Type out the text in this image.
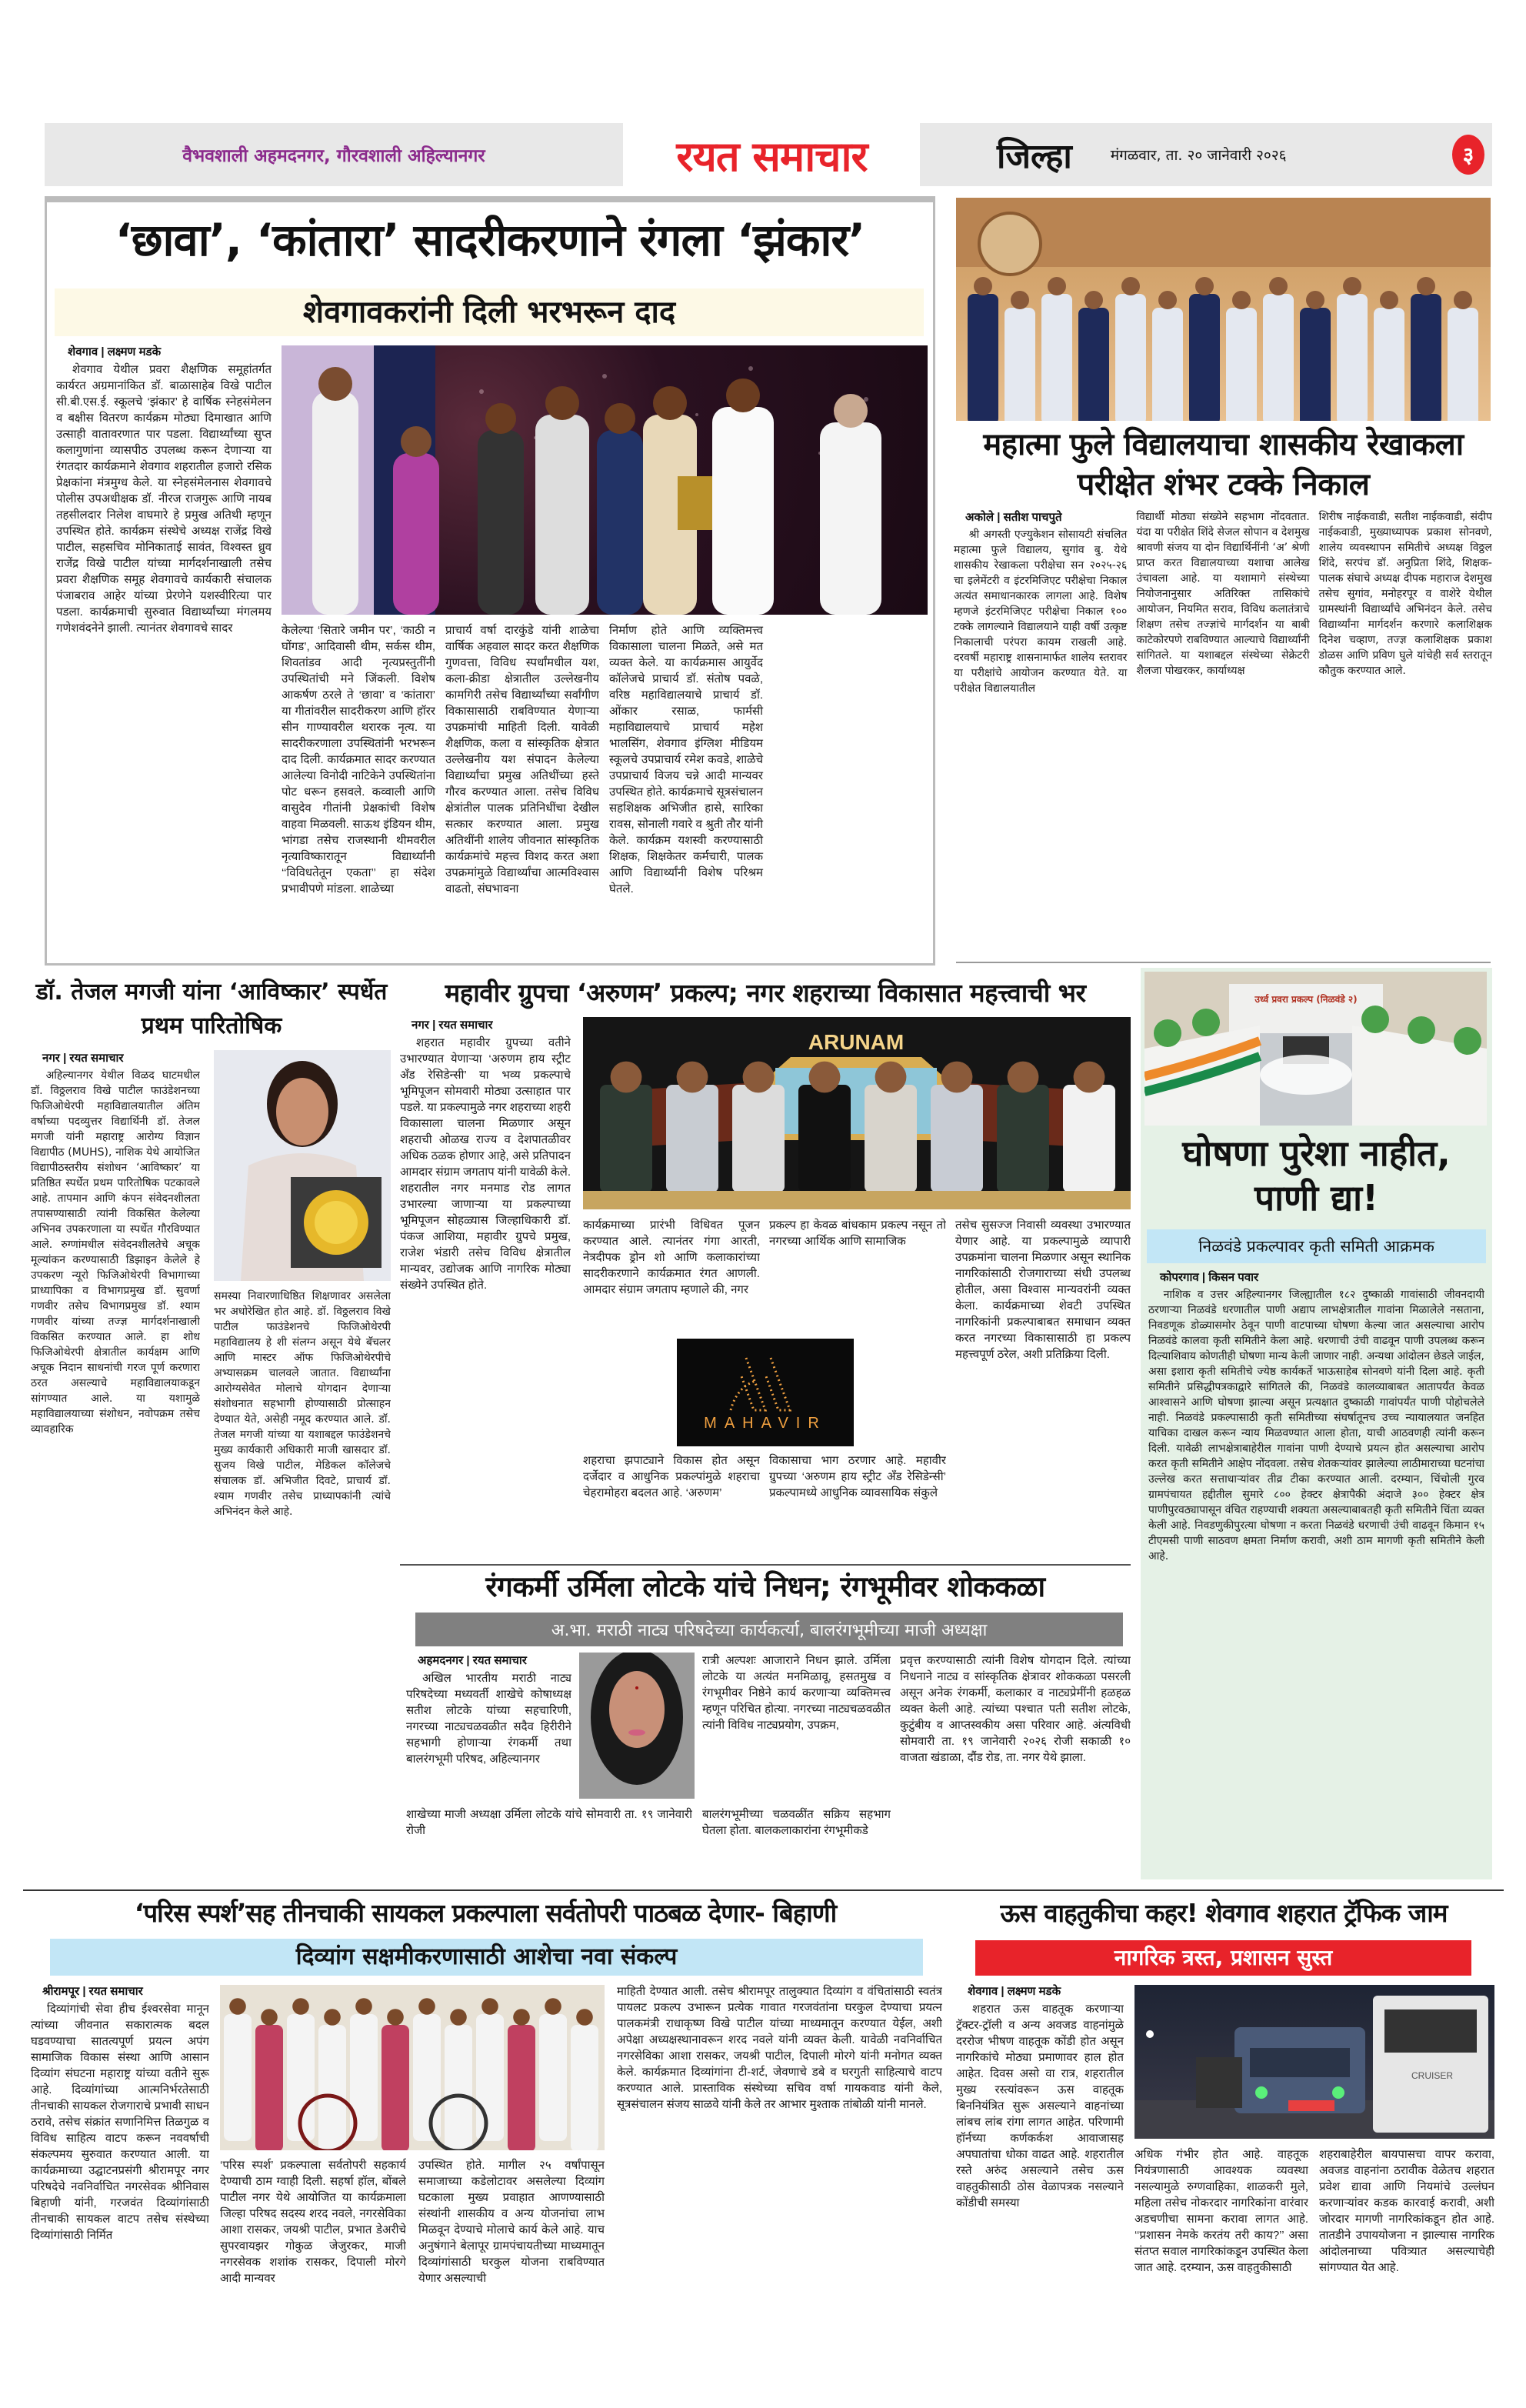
वैभवशाली अहमदनगर, गौरवशाली अहिल्यानगर	रयत समाचार	जिल्हा	मंगळवार, ता. २० जानेवारी २०२६	३
‘छावा’, ‘कांतारा’ सादरीकरणाने रंगला ‘झंकार’
शेवगावकरांनी दिली भरभरून दाद
शेवगाव | लक्ष्मण मडके

शेवगाव येथील प्रवरा शैक्षणिक समूहांतर्गत कार्यरत अग्रमानांकित डॉ. बाळासाहेब विखे पाटील सी.बी.एस.ई. स्कूलचे ‘झंकार’ हे वार्षिक स्नेहसंमेलन व बक्षीस वितरण कार्यक्रम मोठ्या दिमाखात आणि उत्साही वातावरणात पार पडला. विद्यार्थ्यांच्या सुप्त कलागुणांना व्यासपीठ उपलब्ध करून देणाऱ्या या रंगतदार कार्यक्रमाने शेवगाव शहरातील हजारो रसिक प्रेक्षकांना मंत्रमुग्ध केले. या स्नेहसंमेलनास शेवगावचे पोलीस उपअधीक्षक डॉ. नीरज राजगुरू आणि नायब तहसीलदार निलेश वाघमारे हे प्रमुख अतिथी म्हणून उपस्थित होते. कार्यक्रम संस्थेचे अध्यक्ष राजेंद्र विखे पाटील, सहसचिव मोनिकाताई सावंत, विश्वस्त ध्रुव राजेंद्र विखे पाटील यांच्या मार्गदर्शनाखाली तसेच प्रवरा शैक्षणिक समूह शेवगावचे कार्यकारी संचालक पंजाबराव आहेर यांच्या प्रेरणेने यशस्वीरित्या पार पडला. कार्यक्रमाची सुरुवात विद्यार्थ्यांच्या मंगलमय गणेशवंदनेने झाली. त्यानंतर शेवगावचे सादर	केलेल्या ‘सितारे जमीन पर’, ‘काठी न घोंगड’, आदिवासी थीम, सर्कस थीम, शिवतांडव आदी नृत्यप्रस्तुतींनी उपस्थितांची मने जिंकली. विशेष आकर्षण ठरले ते ‘छावा’ व ‘कांतारा’ या गीतांवरील सादरीकरण आणि हॉरर सीन गाण्यावरील थरारक नृत्य. या सादरीकरणाला उपस्थितांनी भरभरून दाद दिली. कार्यक्रमात सादर करण्यात आलेल्या विनोदी नाटिकेने उपस्थितांना पोट धरून हसवले. कव्वाली आणि वासुदेव गीतांनी प्रेक्षकांची विशेष वाहवा मिळवली. साऊथ इंडियन थीम, भांगडा तसेच राजस्थानी थीमवरील नृत्याविष्कारातून विद्यार्थ्यांनी ‘‘विविधतेतून एकता’’ हा संदेश प्रभावीपणे मांडला. शाळेच्या

प्राचार्य वर्षा दारकुंडे यांनी शाळेचा वार्षिक अहवाल सादर करत शैक्षणिक गुणवत्ता, विविध स्पर्धांमधील यश, कला-क्रीडा क्षेत्रातील उल्लेखनीय कामगिरी तसेच विद्यार्थ्यांच्या सर्वांगीण विकासासाठी राबविण्यात येणाऱ्या उपक्रमांची माहिती दिली. यावेळी शैक्षणिक, कला व सांस्कृतिक क्षेत्रात उल्लेखनीय यश संपादन केलेल्या विद्यार्थ्यांचा प्रमुख अतिथींच्या हस्ते गौरव करण्यात आला. तसेच विविध क्षेत्रांतील पालक प्रतिनिधींचा देखील सत्कार करण्यात आला. प्रमुख अतिथींनी शालेय जीवनात सांस्कृतिक कार्यक्रमांचे महत्त्व विशद करत अशा उपक्रमांमुळे विद्यार्थ्यांचा आत्मविश्वास वाढतो, संघभावना

निर्माण होते आणि व्यक्तिमत्त्व विकासाला चालना मिळते, असे मत व्यक्त केले. या कार्यक्रमास आयुर्वेद कॉलेजचे प्राचार्य डॉ. संतोष पवळे, वरिष्ठ महाविद्यालयाचे प्राचार्य डॉ. ओंकार रसाळ, फार्मसी महाविद्यालयाचे प्राचार्य महेश भालसिंग, शेवगाव इंग्लिश मीडियम स्कूलचे उपप्राचार्य रमेश कवडे, शाळेचे उपप्राचार्य विजय चन्ने आदी मान्यवर उपस्थित होते. कार्यक्रमाचे सूत्रसंचालन सहशिक्षक अभिजीत हासे, सारिका रावस, सोनाली गवारे व श्रुती तौर यांनी केले. कार्यक्रम यशस्वी करण्यासाठी शिक्षक, शिक्षकेतर कर्मचारी, पालक आणि विद्यार्थ्यांनी विशेष परिश्रम घेतले.

महात्मा फुले विद्यालयाचा शासकीय रेखाकला परीक्षेत शंभर टक्के निकाल
अकोले | सतीश पाचपुते

श्री अगस्ती एज्युकेशन सोसायटी संचलित महात्मा फुले विद्यालय, सुगांव बु. येथे शासकीय रेखाकला परीक्षेचा सन २०२५-२६ चा इलेमेंटरी व इंटरमिजिएट परीक्षेचा निकाल अत्यंत समाधानकारक लागला आहे. विशेष म्हणजे इंटरमिजिएट परीक्षेचा निकाल १०० टक्के लागल्याने विद्यालयाने याही वर्षी उत्कृष्ट निकालाची परंपरा कायम राखली आहे. दरवर्षी महाराष्ट्र शासनामार्फत शालेय स्तरावर या परीक्षांचे आयोजन करण्यात येते. या परीक्षेत विद्यालयातील

विद्यार्थी मोठ्या संख्येने सहभाग नोंदवतात. यंदा या परीक्षेत शिंदे सेजल सोपान व देशमुख श्रावणी संजय या दोन विद्यार्थिनींनी ‘अ’ श्रेणी प्राप्त करत विद्यालयाच्या यशाचा आलेख उंचावला आहे. या यशामागे संस्थेच्या नियोजनानुसार अतिरिक्त तासिकांचे आयोजन, नियमित सराव, विविध कलातंत्राचे शिक्षण तसेच तज्ज्ञांचे मार्गदर्शन या बाबी काटेकोरपणे राबविण्यात आल्याचे विद्यार्थ्यांनी सांगितले. या यशाबद्दल संस्थेच्या सेक्रेटरी शैलजा पोखरकर, कार्याध्यक्ष

शिरीष नाईकवाडी, सतीश नाईकवाडी, संदीप नाईकवाडी, मुख्याध्यापक प्रकाश सोनवणे, शालेय व्यवस्थापन समितीचे अध्यक्ष विठ्ठल शिंदे, सरपंच डॉ. अनुप्रिता शिंदे, शिक्षक-पालक संघाचे अध्यक्ष दीपक महाराज देशमुख तसेच सुगांव, मनोहरपूर व वाशेरे येथील ग्रामस्थांनी विद्यार्थ्यांचे अभिनंदन केले. तसेच विद्यार्थ्यांना मार्गदर्शन करणारे कलाशिक्षक दिनेश चव्हाण, तज्ज्ञ कलाशिक्षक प्रकाश डोळस आणि प्रविण घुले यांचेही सर्व स्तरातून कौतुक करण्यात आले.

डॉ. तेजल मगजी यांना ‘आविष्कार’ स्पर्धेत प्रथम पारितोषिक
नगर | रयत समाचार

अहिल्यानगर येथील विळद घाटमधील डॉ. विठ्ठलराव विखे पाटील फाउंडेशनच्या फिजिओथेरपी महाविद्यालयातील अंतिम वर्षाच्या पदव्युत्तर विद्यार्थिनी डॉ. तेजल मगजी यांनी महाराष्ट्र आरोग्य विज्ञान विद्यापीठ (MUHS), नाशिक येथे आयोजित विद्यापीठस्तरीय संशोधन ‘आविष्कार’ या प्रतिष्ठित स्पर्धेत प्रथम पारितोषिक पटकावले आहे. तापमान आणि कंपन संवेदनशीलता तपासण्यासाठी त्यांनी विकसित केलेल्या अभिनव उपकरणाला या स्पर्धेत गौरविण्यात आले. रुग्णांमधील संवेदनशीलतेचे अचूक मूल्यांकन करण्यासाठी डिझाइन केलेले हे उपकरण न्यूरो फिजिओथेरपी विभागाच्या प्राध्यापिका व विभागप्रमुख डॉ. सुवर्णा गणवीर तसेच विभागप्रमुख डॉ. श्याम गणवीर यांच्या तज्ज्ञ मार्गदर्शनाखाली विकसित करण्यात आले. हा शोध फिजिओथेरपी क्षेत्रातील कार्यक्षम आणि अचूक निदान साधनांची गरज पूर्ण करणारा ठरत असल्याचे महाविद्यालयाकडून सांगण्यात आले. या यशामुळे महाविद्यालयाच्या संशोधन, नवोपक्रम तसेच व्यावहारिक

समस्या निवारणाधिष्ठित शिक्षणावर असलेला भर अधोरेखित होत आहे. डॉ. विठ्ठलराव विखे पाटील फाउंडेशनचे फिजिओथेरपी महाविद्यालय हे शी संलग्न असून येथे बॅचलर आणि मास्टर ऑफ फिजिओथेरपीचे अभ्यासक्रम चालवले जातात. विद्यार्थ्यांना आरोग्यसेवेत मोलाचे योगदान देणाऱ्या संशोधनात सहभागी होण्यासाठी प्रोत्साहन देण्यात येते, असेही नमूद करण्यात आले. डॉ. तेजल मगजी यांच्या या यशाबद्दल फाउंडेशनचे मुख्य कार्यकारी अधिकारी माजी खासदार डॉ. सुजय विखे पाटील, मेडिकल कॉलेजचे संचालक डॉ. अभिजीत दिवटे, प्राचार्य डॉ. श्याम गणवीर तसेच प्राध्यापकांनी त्यांचे अभिनंदन केले आहे.

महावीर ग्रुपचा ‘अरुणम’ प्रकल्प; नगर शहराच्या विकासात महत्त्वाची भर
नगर | रयत समाचार

शहरात महावीर ग्रुपच्या वतीने उभारण्यात येणाऱ्या ‘अरुणम हाय स्ट्रीट अँड रेसिडेन्सी’ या भव्य प्रकल्पाचे भूमिपूजन सोमवारी मोठ्या उत्साहात पार पडले. या प्रकल्पामुळे नगर शहराच्या शहरी विकासाला चालना मिळणार असून शहराची ओळख राज्य व देशपातळीवर अधिक ठळक होणार आहे, असे प्रतिपादन आमदार संग्राम जगताप यांनी यावेळी केले. शहरातील नगर मनमाड रोड लागत उभारल्या जाणाऱ्या या प्रकल्पाच्या भूमिपूजन सोहळ्यास जिल्हाधिकारी डॉ. पंकज आशिया, महावीर ग्रुपचे प्रमुख, राजेश भंडारी तसेच विविध क्षेत्रातील मान्यवर, उद्योजक आणि नागरिक मोठ्या संख्येने उपस्थित होते.

ARUNAM

कार्यक्रमाच्या प्रारंभी विधिवत पूजन करण्यात आले. त्यानंतर गंगा आरती, नेत्रदीपक ड्रोन शो आणि कलाकारांच्या सादरीकरणाने कार्यक्रमात रंगत आणली. आमदार संग्राम जगताप म्हणाले की, नगर

प्रकल्प हा केवळ बांधकाम प्रकल्प नसून तो नगरच्या आर्थिक आणि सामाजिक

MAHAVIR

शहराचा झपाट्याने विकास होत असून दर्जेदार व आधुनिक प्रकल्पांमुळे शहराचा चेहरामोहरा बदलत आहे. ‘अरुणम’

विकासाचा भाग ठरणार आहे. महावीर ग्रुपच्या ‘अरुणम हाय स्ट्रीट अँड रेसिडेन्सी’ प्रकल्पामध्ये आधुनिक व्यावसायिक संकुले

तसेच सुसज्ज निवासी व्यवस्था उभारण्यात येणार आहे. या प्रकल्पामुळे व्यापारी उपक्रमांना चालना मिळणार असून स्थानिक नागरिकांसाठी रोजगाराच्या संधी उपलब्ध होतील, असा विश्वास मान्यवरांनी व्यक्त केला. कार्यक्रमाच्या शेवटी उपस्थित नागरिकांनी प्रकल्पाबाबत समाधान व्यक्त करत नगरच्या विकासासाठी हा प्रकल्प महत्त्वपूर्ण ठरेल, अशी प्रतिक्रिया दिली.

उर्ध्व प्रवरा प्रकल्प (निळवंडे २)
घोषणा पुरेशा नाहीत, पाणी द्या!
निळवंडे प्रकल्पावर कृती समिती आक्रमक
कोपरगाव | किसन पवार

नाशिक व उत्तर अहिल्यानगर जिल्ह्यातील १८२ दुष्काळी गावांसाठी जीवनदायी ठरणाऱ्या निळवंडे धरणातील पाणी अद्याप लाभक्षेत्रातील गावांना मिळालेले नसताना, निवडणूक डोळ्यासमोर ठेवून पाणी वाटपाच्या घोषणा केल्या जात असल्याचा आरोप निळवंडे कालवा कृती समितीने केला आहे. धरणाची उंची वाढवून पाणी उपलब्ध करून दिल्याशिवाय कोणतीही घोषणा मान्य केली जाणार नाही. अन्यथा आंदोलन छेडले जाईल, असा इशारा कृती समितीचे ज्येष्ठ कार्यकर्ते भाऊसाहेब सोनवणे यांनी दिला आहे. कृती समितीने प्रसिद्धीपत्रकाद्वारे सांगितले की, निळवंडे कालव्याबाबत आतापर्यंत केवळ आश्वासने आणि घोषणा झाल्या असून प्रत्यक्षात दुष्काळी गावांपर्यंत पाणी पोहोचलेले नाही. निळवंडे प्रकल्पासाठी कृती समितीच्या संघर्षातूनच उच्च न्यायालयात जनहित याचिका दाखल करून न्याय मिळवण्यात आला होता, याची आठवणही त्यांनी करून दिली. यावेळी लाभक्षेत्राबाहेरील गावांना पाणी देण्याचे प्रयत्न होत असल्याचा आरोप करत कृती समितीने आक्षेप नोंदवला. तसेच शेतकऱ्यांवर झालेल्या लाठीमाराच्या घटनांचा उल्लेख करत सत्ताधाऱ्यांवर तीव्र टीका करण्यात आली. दरम्यान, चिंचोली गुरव ग्रामपंचायत हद्दीतील सुमारे ८०० हेक्टर क्षेत्रापैकी अंदाजे ३०० हेक्टर क्षेत्र पाणीपुरवठ्यापासून वंचित राहण्याची शक्यता असल्याबाबतही कृती समितीने चिंता व्यक्त केली आहे. निवडणुकीपुरत्या घोषणा न करता निळवंडे धरणाची उंची वाढवून किमान १५ टीएमसी पाणी साठवण क्षमता निर्माण करावी, अशी ठाम मागणी कृती समितीने केली आहे.

रंगकर्मी उर्मिला लोटके यांचे निधन; रंगभूमीवर शोककळा
अ.भा. मराठी नाट्य परिषदेच्या कार्यकर्त्या, बालरंगभूमीच्या माजी अध्यक्षा
अहमदनगर | रयत समाचार

अखिल भारतीय मराठी नाट्य परिषदेच्या मध्यवर्ती शाखेचे कोषाध्यक्ष सतीश लोटके यांच्या सहचारिणी, नगरच्या नाट्यचळवळीत सदैव हिरीरीने सहभागी होणाऱ्या रंगकर्मी तथा बालरंगभूमी परिषद, अहिल्यानगर

रात्री अल्पशः आजाराने निधन झाले. उर्मिला लोटके या अत्यंत मनमिळावू, हसतमुख व रंगभूमीवर निष्ठेने कार्य करणाऱ्या व्यक्तिमत्त्व म्हणून परिचित होत्या. नगरच्या नाट्यचळवळीत त्यांनी विविध नाट्यप्रयोग, उपक्रम,

शाखेच्या माजी अध्यक्षा उर्मिला लोटके यांचे सोमवारी ता. १९ जानेवारी रोजी

बालरंगभूमीच्या चळवळींत सक्रिय सहभाग घेतला होता. बालकलाकारांना रंगभूमीकडे

प्रवृत्त करण्यासाठी त्यांनी विशेष योगदान दिले. त्यांच्या निधनाने नाट्य व सांस्कृतिक क्षेत्रावर शोककळा पसरली असून अनेक रंगकर्मी, कलाकार व नाट्यप्रेमींनी हळहळ व्यक्त केली आहे. त्यांच्या पश्चात पती सतीश लोटके, कुटुंबीय व आप्तस्वकीय असा परिवार आहे. अंत्यविधी सोमवारी ता. १९ जानेवारी २०२६ रोजी सकाळी १० वाजता खंडाळा, दौंड रोड, ता. नगर येथे झाला.

‘परिस स्पर्श’सह तीनचाकी सायकल प्रकल्पाला सर्वतोपरी पाठबळ देणार- बिहाणी
दिव्यांग सक्षमीकरणासाठी आशेचा नवा संकल्प
श्रीरामपूर | रयत समाचार

दिव्यांगांची सेवा हीच ईश्वरसेवा मानून त्यांच्या जीवनात सकारात्मक बदल घडवण्याचा सातत्यपूर्ण प्रयत्न अपंग सामाजिक विकास संस्था आणि आसान दिव्यांग संघटना महाराष्ट्र यांच्या वतीने सुरू आहे. दिव्यांगांच्या आत्मनिर्भरतेसाठी तीनचाकी सायकल रोजगाराचे प्रभावी साधन ठरावे, तसेच संक्रांत सणानिमित्त तिळगुळ व विविध साहित्य वाटप करून नववर्षाची संकल्पमय सुरुवात करण्यात आली. या कार्यक्रमाच्या उद्घाटनप्रसंगी श्रीरामपूर नगर परिषदेचे नवनिर्वाचित नगरसेवक श्रीनिवास बिहाणी यांनी, गरजवंत दिव्यांगांसाठी तीनचाकी सायकल वाटप तसेच संस्थेच्या दिव्यांगांसाठी निर्मित

‘परिस स्पर्श’ प्रकल्पाला सर्वतोपरी सहकार्य देण्याची ठाम ग्वाही दिली. सहर्षा हॉल, बोंबले पाटील नगर येथे आयोजित या कार्यक्रमाला जिल्हा परिषद सदस्य शरद नवले, नगरसेविका आशा रासकर, जयश्री पाटील, प्रभात डेअरीचे सुपरवायझर गोकुळ जेजुरकर, माजी नगरसेवक शशांक रासकर, दिपाली मोरगे आदी मान्यवर

उपस्थित होते. मागील २५ वर्षांपासून समाजाच्या कडेलोटावर असलेल्या दिव्यांग घटकाला मुख्य प्रवाहात आणण्यासाठी संस्थांनी शासकीय व अन्य योजनांचा लाभ मिळवून देण्याचे मोलाचे कार्य केले आहे. याच अनुषंगाने बेलापूर ग्रामपंचायतीच्या माध्यमातून दिव्यांगांसाठी घरकुल योजना राबविण्यात येणार असल्याची

माहिती देण्यात आली. तसेच श्रीरामपूर तालुक्यात दिव्यांग व वंचितांसाठी स्वतंत्र पायलट प्रकल्प उभारून प्रत्येक गावात गरजवंतांना घरकुल देण्याचा प्रयत्न पालकमंत्री राधाकृष्ण विखे पाटील यांच्या माध्यमातून करण्यात येईल, अशी अपेक्षा अध्यक्षस्थानावरून शरद नवले यांनी व्यक्त केली. यावेळी नवनिर्वाचित नगरसेविका आशा रासकर, जयश्री पाटील, दिपाली मोरगे यांनी मनोगत व्यक्त केले. कार्यक्रमात दिव्यांगांना टी-शर्ट, जेवणाचे डबे व घरगुती साहित्याचे वाटप करण्यात आले. प्रास्ताविक संस्थेच्या सचिव वर्षा गायकवाड यांनी केले, सूत्रसंचालन संजय साळवे यांनी केले तर आभार मुश्ताक तांबोळी यांनी मानले.

ऊस वाहतुकीचा कहर! शेवगाव शहरात ट्रॅफिक जाम
नागरिक त्रस्त, प्रशासन सुस्त
शेवगाव | लक्ष्मण मडके

शहरात ऊस वाहतूक करणाऱ्या ट्रॅक्टर-ट्रॉली व अन्य अवजड वाहनांमुळे दररोज भीषण वाहतूक कोंडी होत असून नागरिकांचे मोठ्या प्रमाणावर हाल होत आहेत. दिवस असो वा रात्र, शहरातील मुख्य रस्त्यांवरून ऊस वाहतूक बिननियंत्रित सुरू असल्याने वाहनांच्या लांबच लांब रांगा लागत आहेत. परिणामी हॉर्नच्या कर्णकर्कश आवाजासह अपघातांचा धोका वाढत आहे. शहरातील रस्ते अरुंद असल्याने तसेच ऊस वाहतुकीसाठी ठोस वेळापत्रक नसल्याने कोंडीची समस्या

CRUISER

अधिक गंभीर होत आहे. वाहतूक नियंत्रणासाठी आवश्यक व्यवस्था नसल्यामुळे रुग्णवाहिका, शाळकरी मुले, महिला तसेच नोकरदार नागरिकांना वारंवार अडचणीचा सामना करावा लागत आहे. ‘‘प्रशासन नेमके करतंय तरी काय?’’ असा संतप्त सवाल नागरिकांकडून उपस्थित केला जात आहे. दरम्यान, ऊस वाहतुकीसाठी

शहराबाहेरील बायपासचा वापर करावा, अवजड वाहनांना ठरावीक वेळेतच शहरात प्रवेश द्यावा आणि नियमांचे उल्लंघन करणाऱ्यांवर कडक कारवाई करावी, अशी जोरदार मागणी नागरिकांकडून होत आहे. तातडीने उपाययोजना न झाल्यास नागरिक आंदोलनाच्या पवित्र्यात असल्याचेही सांगण्यात येत आहे.
